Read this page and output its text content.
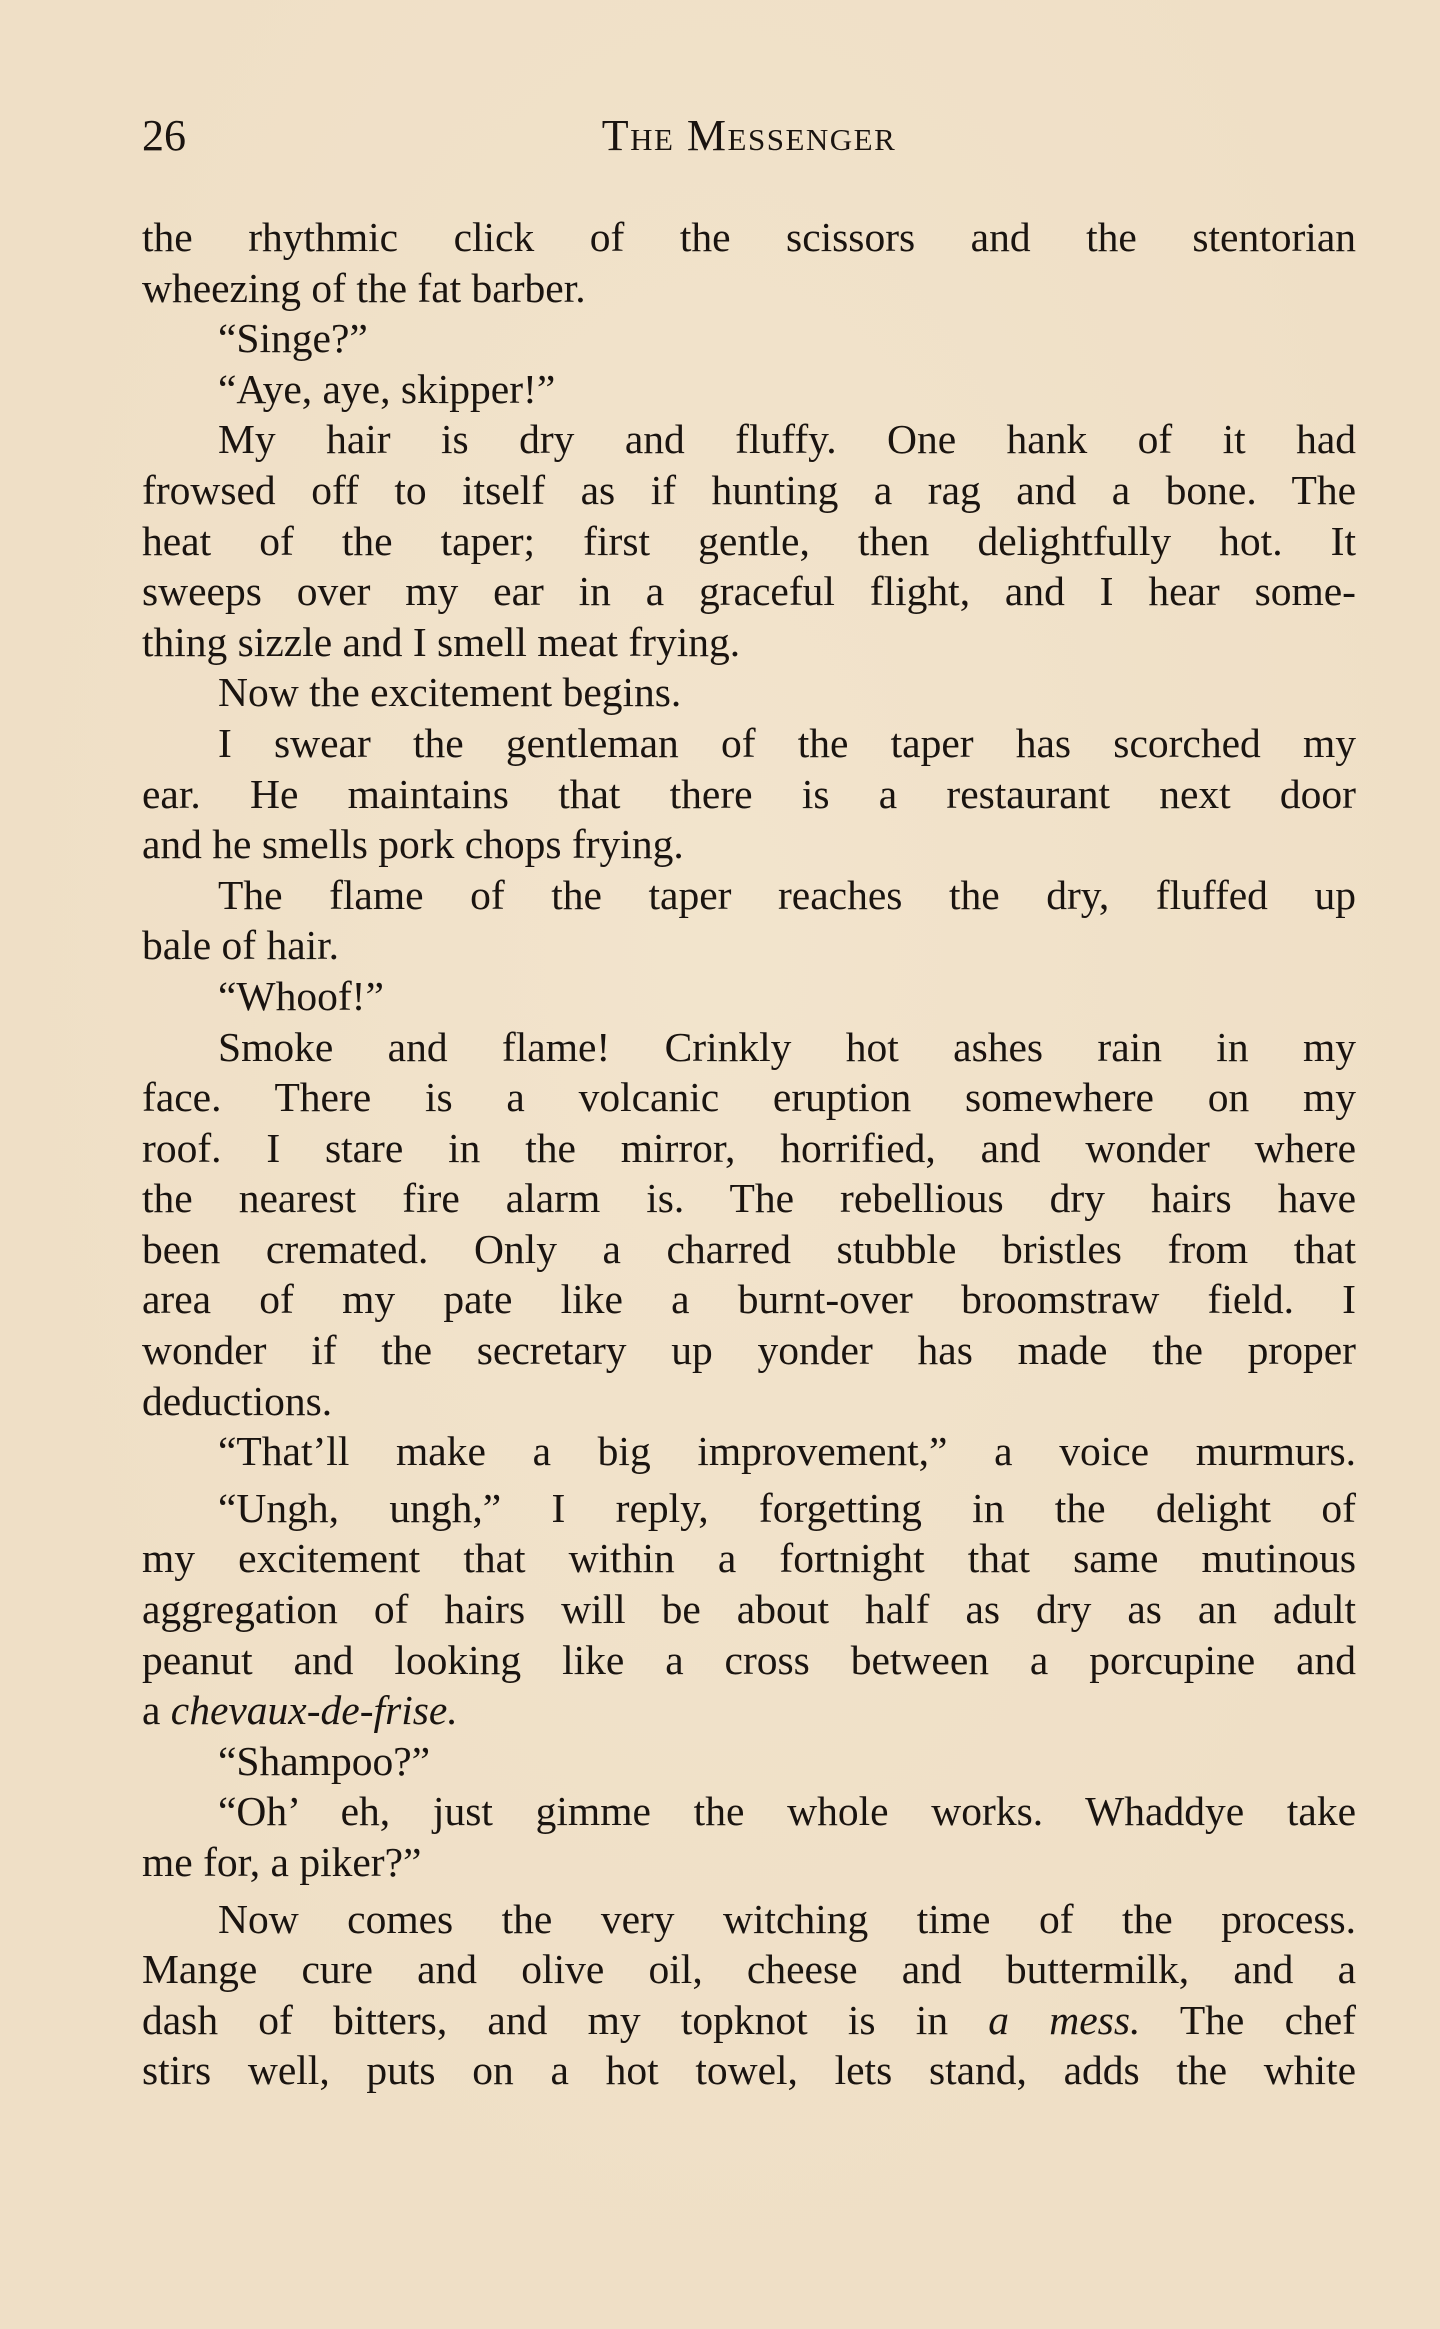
26	The Messenger
the rhythmic click of the scissors and the stentorian
wheezing of the fat barber.
“Singe?”
“Aye, aye, skipper!”
My hair is dry and fluffy. One hank of it had
frowsed off to itself as if hunting a rag and a bone. The
heat of the taper; first gentle, then delightfully hot. It
sweeps over my ear in a graceful flight, and I hear some-
thing sizzle and I smell meat frying.
Now the excitement begins.
I swear the gentleman of the taper has scorched my
ear. He maintains that there is a restaurant next door
and he smells pork chops frying.
The flame of the taper reaches the dry, fluffed up
bale of hair.
“Whoof!”
Smoke and flame! Crinkly hot ashes rain in my
face. There is a volcanic eruption somewhere on my
roof. I stare in the mirror, horrified, and wonder where
the nearest fire alarm is. The rebellious dry hairs have
been cremated. Only a charred stubble bristles from that
area of my pate like a burnt-over broomstraw field. I
wonder if the secretary up yonder has made the proper
deductions.
“That’ll make a big improvement,” a voice murmurs.
“Ungh, ungh,” I reply, forgetting in the delight of
my excitement that within a fortnight that same mutinous
aggregation of hairs will be about half as dry as an adult
peanut and looking like a cross between a porcupine and
a chevaux-de-frise.
“Shampoo?”
“Oh’ eh, just gimme the whole works. Whaddye take
me for, a piker?”
Now comes the very witching time of the process.
Mange cure and olive oil, cheese and buttermilk, and a
dash of bitters, and my topknot is in a mess. The chef
stirs well, puts on a hot towel, lets stand, adds the white
